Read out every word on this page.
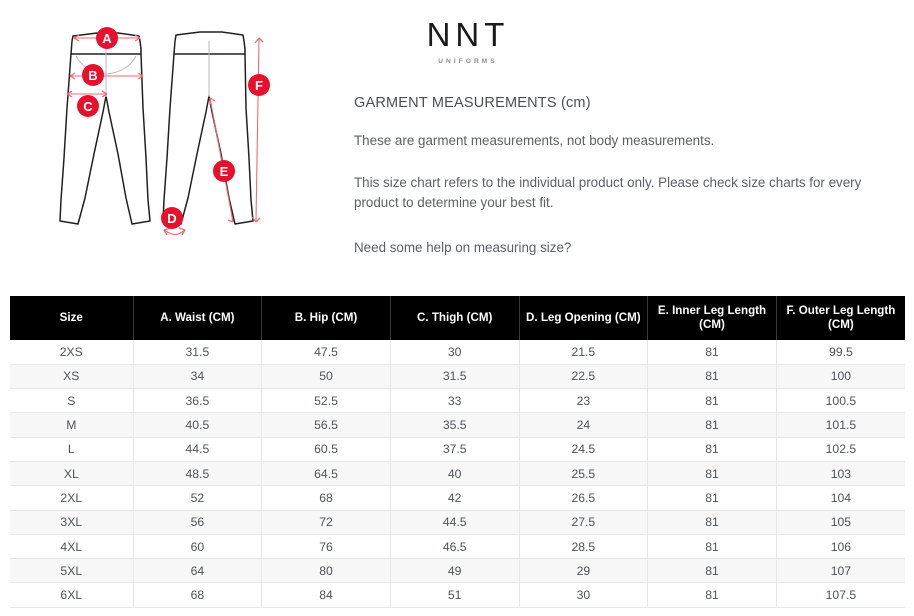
A
B
C
D
E
F
NNT
UNIFORMS
GARMENT MEASUREMENTS (cm)
These are garment measurements, not body measurements.
This size chart refers to the individual product only. Please check size charts for every product to determine your best fit.
Need some help on measuring size?
Size	A. Waist (CM)	B. Hip (CM)	C. Thigh (CM)	D. Leg Opening (CM)	E. Inner Leg Length (CM)	F. Outer Leg Length (CM)
2XS	31.5	47.5	30	21.5	81	99.5
XS	34	50	31.5	22.5	81	100
S	36.5	52.5	33	23	81	100.5
M	40.5	56.5	35.5	24	81	101.5
L	44.5	60.5	37.5	24.5	81	102.5
XL	48.5	64.5	40	25.5	81	103
2XL	52	68	42	26.5	81	104
3XL	56	72	44.5	27.5	81	105
4XL	60	76	46.5	28.5	81	106
5XL	64	80	49	29	81	107
6XL	68	84	51	30	81	107.5
